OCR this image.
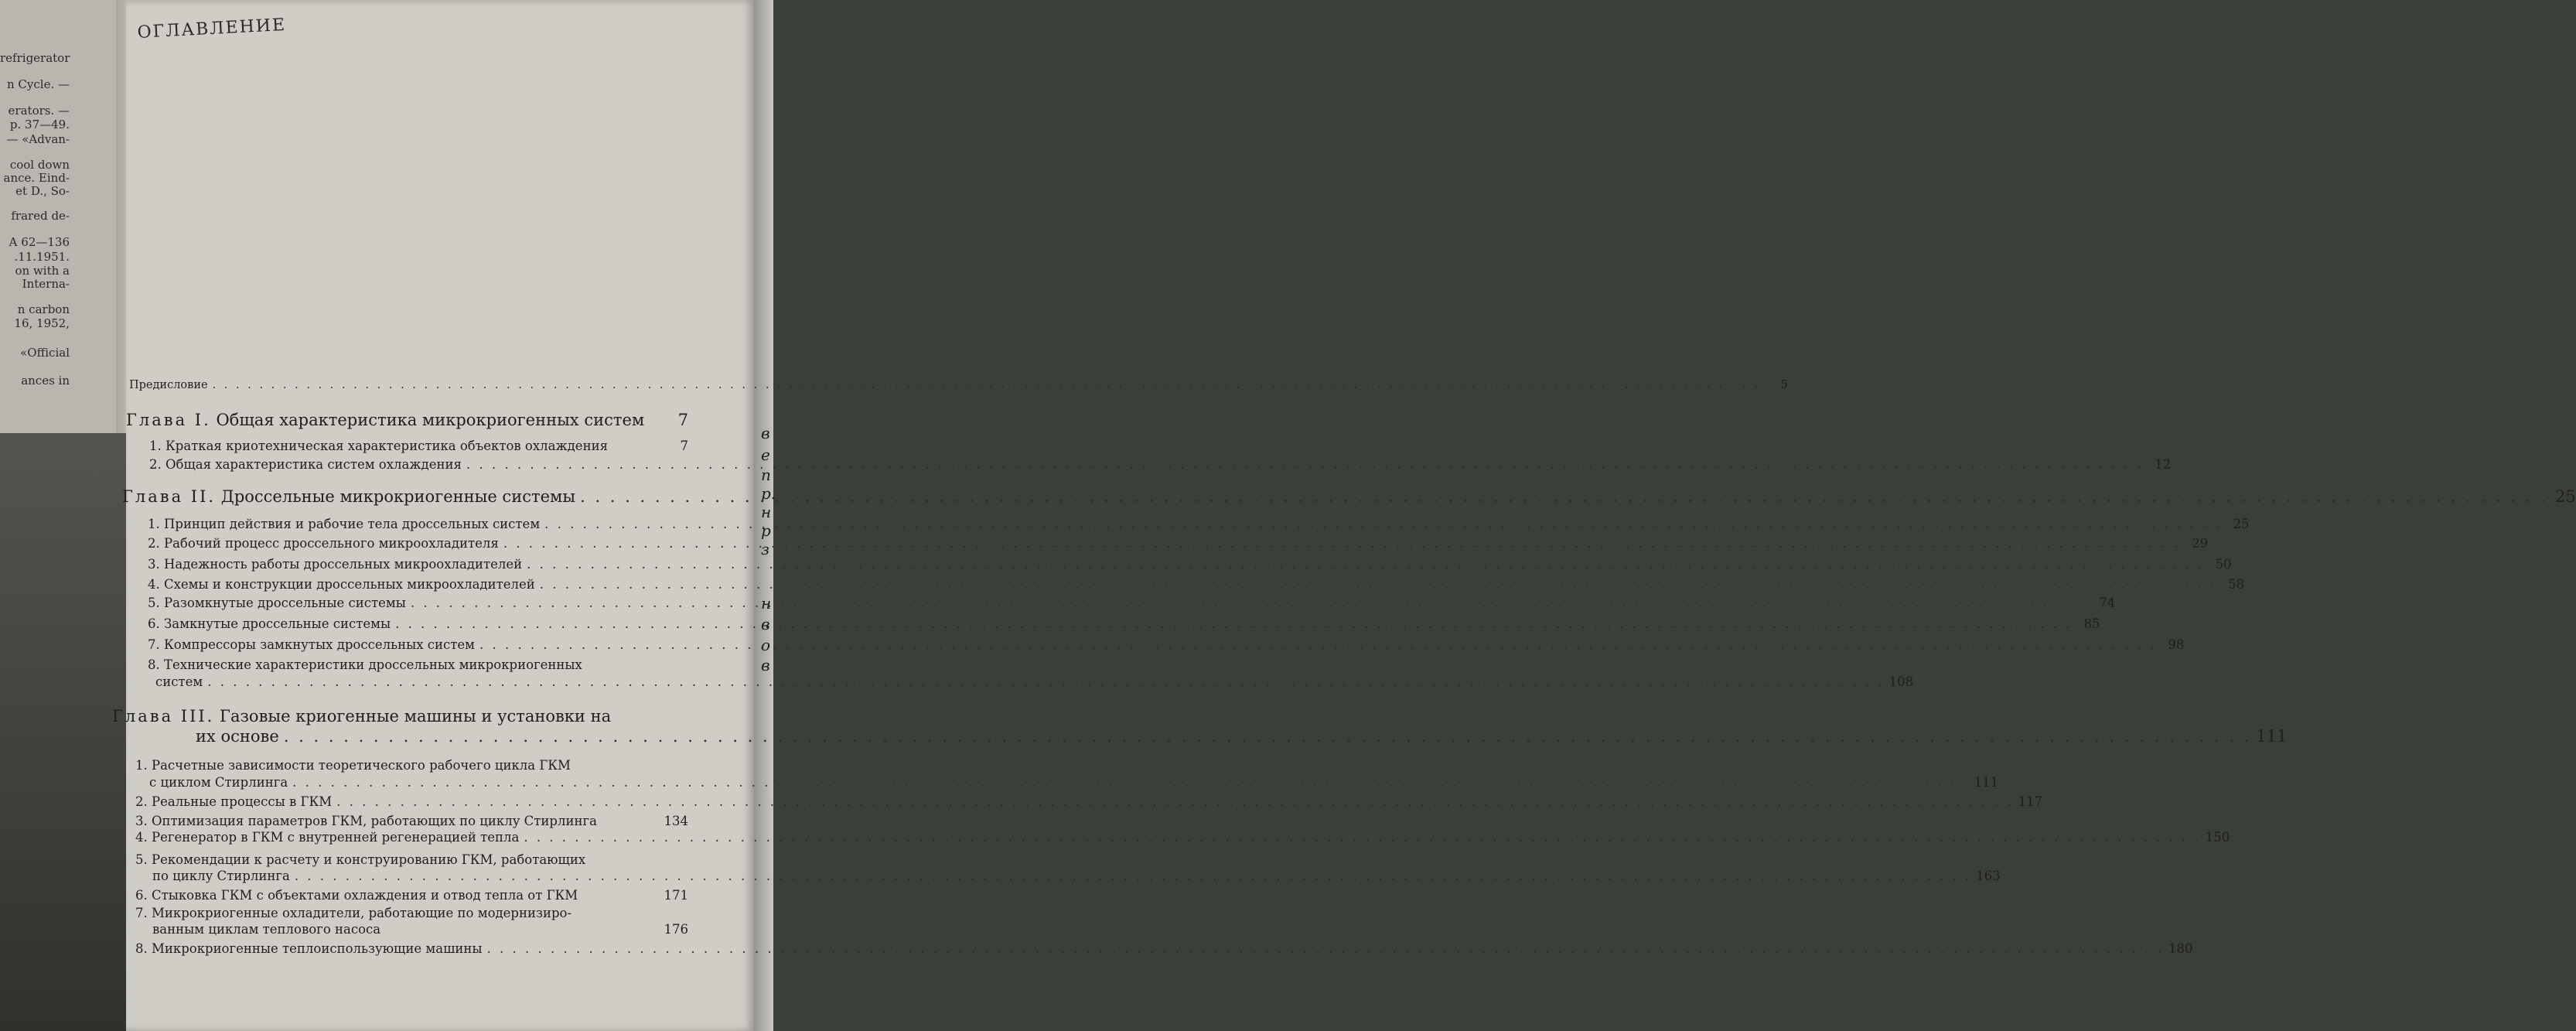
refrigerator
n Cycle. —
erators. —
p. 37—49.
— «Advan-
cool down
ance. Eind-
et D., So-
frared de-
A 62—136
.11.1951.
on with a
Interna-
n carbon
16, 1952,
«Official
ances in
в
е
п
р.
н
р
з
н
в
о
в
ОГЛАВЛЕНИЕ
Предисловие . . .	5
Глава I. Общая характеристика микрокриогенных систем	7
1. Краткая криотехническая характеристика объектов охлаждения	7
2. Общая характеристика систем охлаждения . . .	12
Глава II. Дроссельные микрокриогенные системы . . .	25
1. Принцип действия и рабочие тела дроссельных систем . . .	25
2. Рабочий процесс дроссельного микроохладителя . . .	29
3. Надежность работы дроссельных микроохладителей . . .	50
4. Схемы и конструкции дроссельных микроохладителей . . .	58
5. Разомкнутые дроссельные системы . . .	74
6. Замкнутые дроссельные системы . . .	85
7. Компрессоры замкнутых дроссельных систем . . .	98
8. Технические характеристики дроссельных микрокриогенных
систем . . .	108
Глава III. Газовые криогенные машины и установки на
их основе . . .	111
1. Расчетные зависимости теоретического рабочего цикла ГКМ
с циклом Стирлинга . . .	111
2. Реальные процессы в ГКМ . . .	117
3. Оптимизация параметров ГКМ, работающих по циклу Стирлинга	134
4. Регенератор в ГКМ с внутренней регенерацией тепла . . .	150
5. Рекомендации к расчету и конструированию ГКМ, работающих
по циклу Стирлинга . . .	163
6. Стыковка ГКМ с объектами охлаждения и отвод тепла от ГКМ	171
7. Микрокриогенные охладители, работающие по модернизиро-
ванным циклам теплового насоса	176
8. Микрокриогенные теплоиспользующие машины . . .	180
